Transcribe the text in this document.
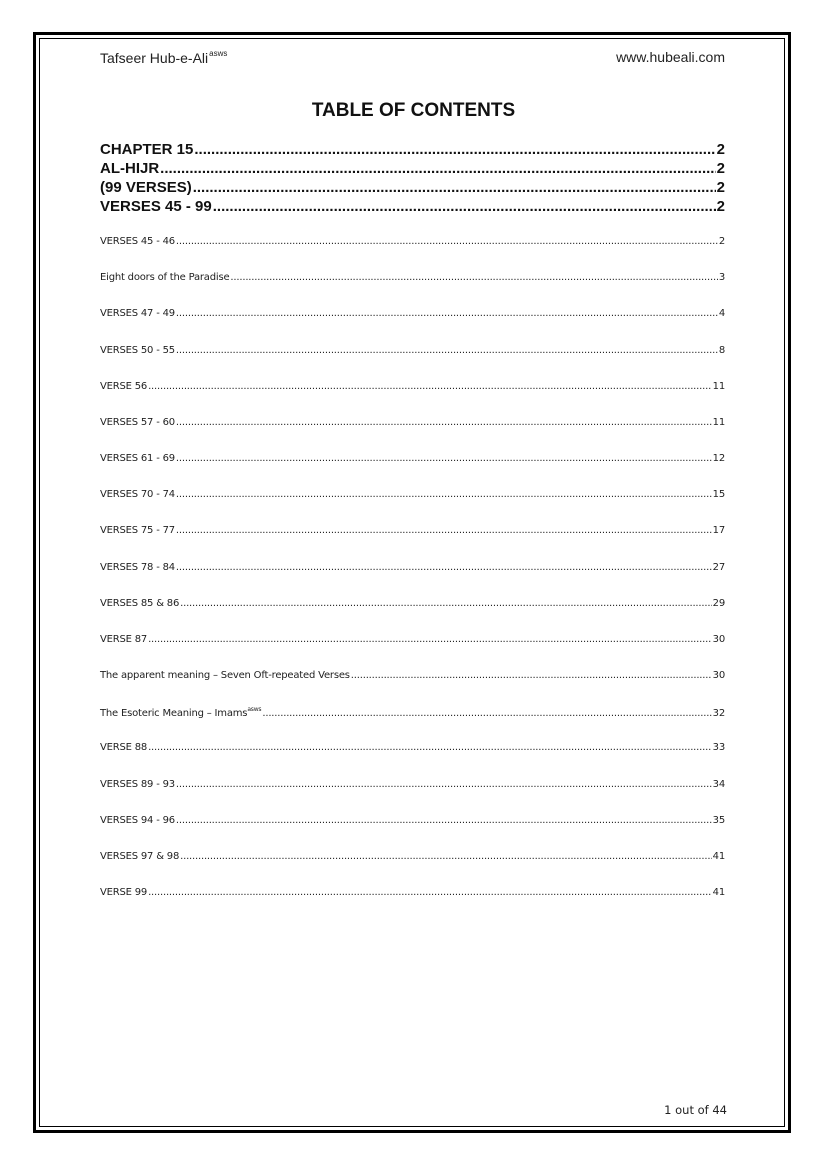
Tafseer Hub-e-Ali$^{asws}$	www.hubeali.com
TABLE OF CONTENTS
CHAPTER 15 .....	2
AL-HIJR .....	2
(99 VERSES) .....	2
VERSES 45 - 99 .....	2
VERSES 45 - 46 .....	2
Eight doors of the Paradise .....	3
VERSES 47 - 49 .....	4
VERSES 50 - 55 .....	8
VERSE 56 .....	11
VERSES 57 - 60 .....	11
VERSES 61 - 69 .....	12
VERSES 70 - 74 .....	15
VERSES 75 - 77 .....	17
VERSES 78 - 84 .....	27
VERSES 85 & 86 .....	29
VERSE 87 .....	30
The apparent meaning – Seven Oft-repeated Verses .....	30
The Esoteric Meaning – Imams$^{asws}$ .....	32
VERSE 88 .....	33
VERSES 89 - 93 .....	34
VERSES 94 - 96 .....	35
VERSES 97 & 98 .....	41
VERSE 99 .....	41
1 out of 44
